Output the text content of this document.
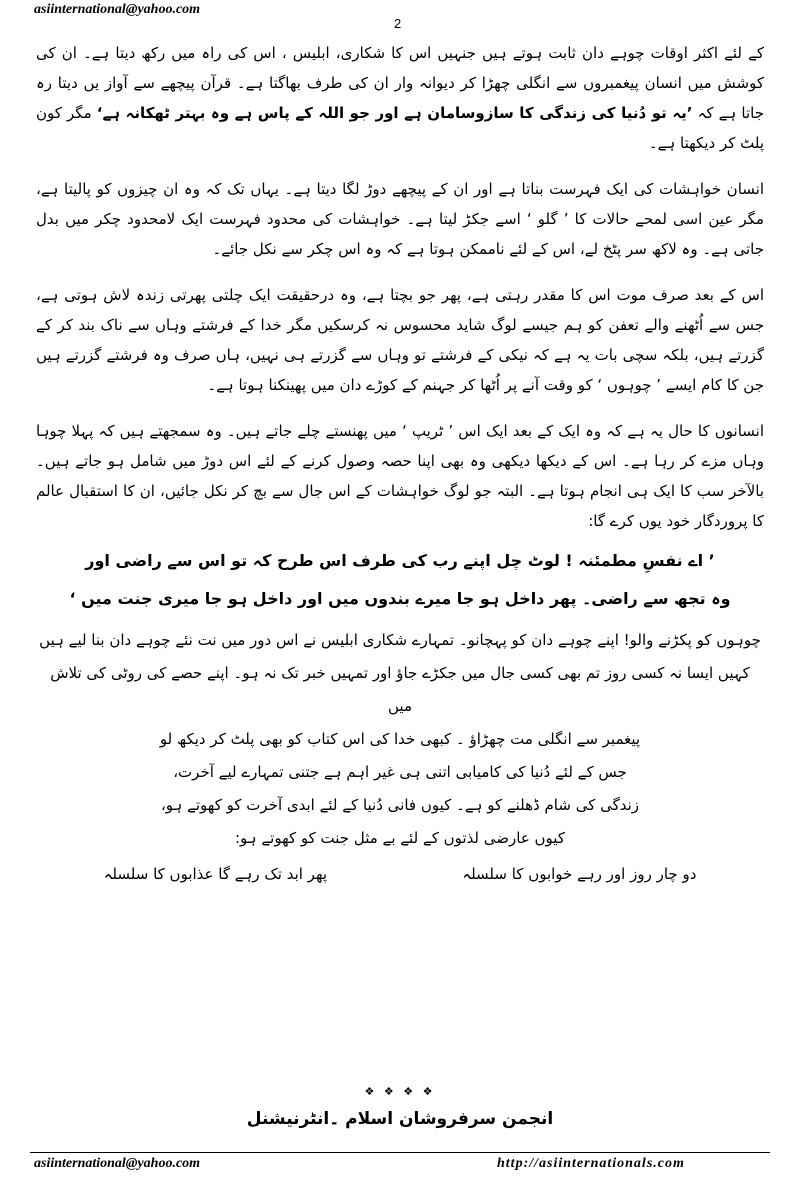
asiinternational@yahoo.com
2

کے لئے اکثر اوقات چوہے دان ثابت ہوتے ہیں جنہیں اس کا شکاری، ابلیس ، اس کی راہ میں رکھ دیتا ہے۔ ان کی کوشش میں انسان پیغمبروں سے انگلی چھڑا کر دیوانہ وار ان کی طرف بھاگتا ہے۔ قرآن پیچھے سے آواز یں دیتا رہ جاتا ہے کہ ’یہ تو دُنیا کی زندگی کا سازوسامان ہے اور جو اللہ کے پاس ہے وہ بہتر ٹھکانہ ہے‘ مگر کون پلٹ کر دیکھتا ہے۔

انسان خواہشات کی ایک فہرست بناتا ہے اور ان کے پیچھے دوڑ لگا دیتا ہے۔ یہاں تک کہ وہ ان چیزوں کو پالیتا ہے، مگر عین اسی لمحے حالات کا ’ گلو ‘ اسے جکڑ لیتا ہے۔ خواہشات کی محدود فہرست ایک لامحدود چکر میں بدل جاتی ہے۔ وہ لاکھ سر پٹخ لے، اس کے لئے ناممکن ہوتا ہے کہ وہ اس چکر سے نکل جائے۔

اس کے بعد صرف موت اس کا مقدر رہتی ہے، پھر جو بچتا ہے، وہ درحقیقت ایک چلتی پھرتی زندہ لاش ہوتی ہے، جس سے اُٹھنے والے تعفن کو ہم جیسے لوگ شاید محسوس نہ کرسکیں مگر خدا کے فرشتے وہاں سے ناک بند کر کے گزرتے ہیں، بلکہ سچی بات یہ ہے کہ نیکی کے فرشتے تو وہاں سے گزرتے ہی نہیں، ہاں صرف وہ فرشتے گزرتے ہیں جن کا کام ایسے ’ چوہوں ‘ کو وقت آنے پر اُٹھا کر جہنم کے کوڑے دان میں پھینکنا ہوتا ہے۔

انسانوں کا حال یہ ہے کہ وہ ایک کے بعد ایک اس ’ ٹریپ ‘ میں پھنستے چلے جاتے ہیں۔ وہ سمجھتے ہیں کہ پہلا چوہا وہاں مزے کر رہا ہے۔ اس کے دیکھا دیکھی وہ بھی اپنا حصہ وصول کرنے کے لئے اس دوڑ میں شامل ہو جاتے ہیں۔ بالآخر سب کا ایک ہی انجام ہوتا ہے۔ البتہ جو لوگ خواہشات کے اس جال سے بچ کر نکل جائیں، ان کا استقبال عالم کا پروردگار خود یوں کرے گا:

’ اے نفسِ مطمئنہ ! لوٹ چل اپنے رب کی طرف اس طرح کہ تو اس سے راضی اور
وہ تجھ سے راضی۔ پھر داخل ہو جا میرے بندوں میں اور داخل ہو جا میری جنت میں ‘
چوہوں کو پکڑنے والو! اپنے چوہے دان کو پہچانو۔ تمہارے شکاری ابلیس نے اس دور میں نت نئے چوہے دان بنا لیے ہیں
کہیں ایسا نہ کسی روز تم بھی کسی جال میں جکڑے جاؤ اور تمہیں خبر تک نہ ہو۔ اپنے حصے کی روٹی کی تلاش میں
پیغمبر سے انگلی مت چھڑاؤ ۔ کبھی خدا کی اس کتاب کو بھی پلٹ کر دیکھ لو
جس کے لئے دُنیا کی کامیابی اتنی ہی غیر اہم ہے جتنی تمہارے لیے آخرت،
زندگی کی شام ڈھلنے کو ہے۔ کیوں فانی دُنیا کے لئے ابدی آخرت کو کھوتے ہو،
کیوں عارضی لذتوں کے لئے بے مثل جنت کو کھوتے ہو:
دو چار روز اور رہے خوابوں کا سلسلہ
پھر ابد تک رہے گا عذابوں کا سلسلہ
❖ ❖ ❖ ❖
انجمن سرفروشان اسلام ۔انٹرنیشنل
asiinternational@yahoo.com	http://asiinternationals.com
